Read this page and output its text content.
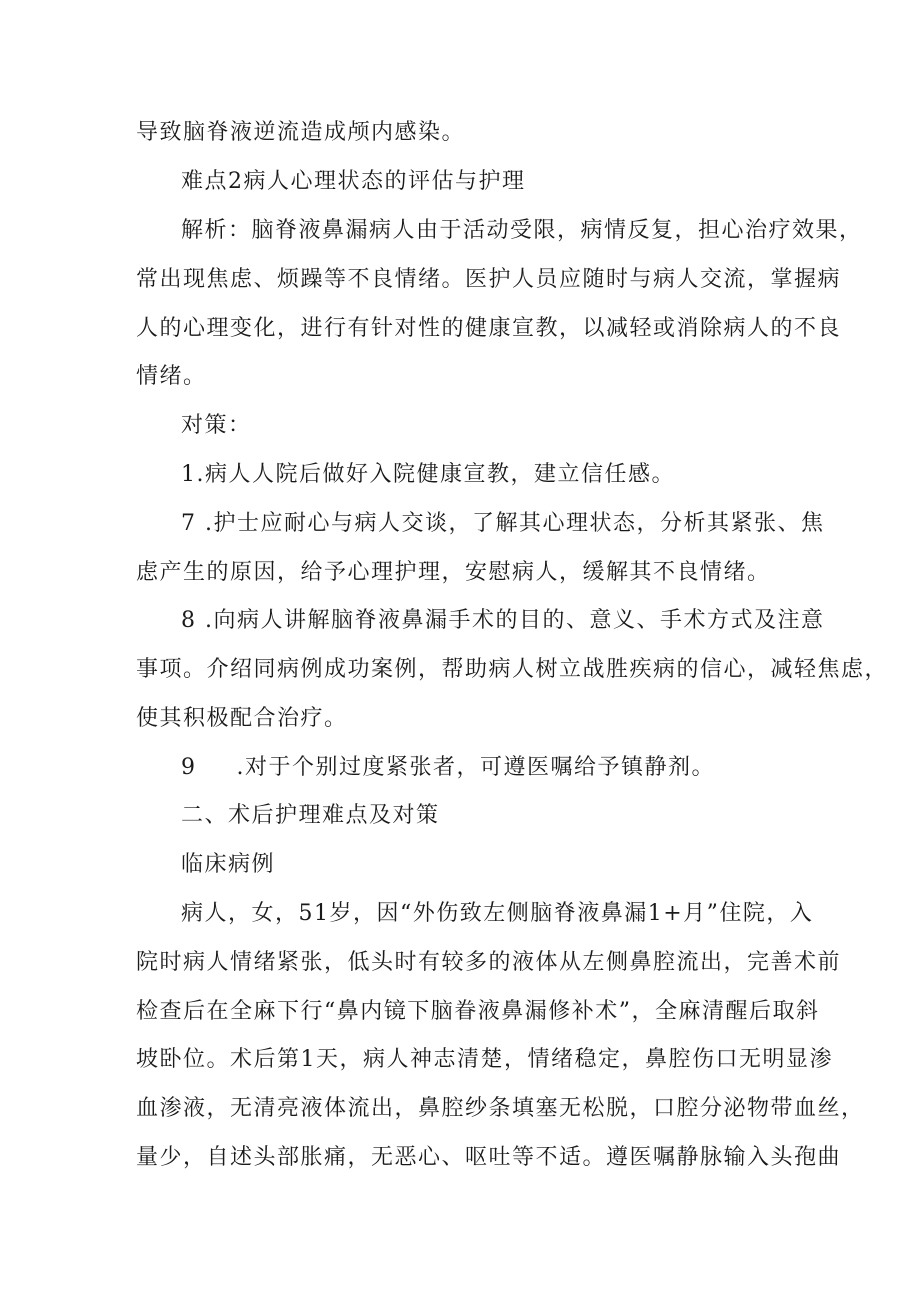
导致脑脊液逆流造成颅内感染。
难点2病人心理状态的评估与护理
解析：脑脊液鼻漏病人由于活动受限，病情反复，担心治疗效果，
常出现焦虑、烦躁等不良情绪。医护人员应随时与病人交流，掌握病
人的心理变化，进行有针对性的健康宣教，以减轻或消除病人的不良
情绪。
对策：
1.病人人院后做好入院健康宣教，建立信任感。
7 .护士应耐心与病人交谈，了解其心理状态，分析其紧张、焦
虑产生的原因，给予心理护理，安慰病人，缓解其不良情绪。
8 .向病人讲解脑脊液鼻漏手术的目的、意义、手术方式及注意
事项。介绍同病例成功案例，帮助病人树立战胜疾病的信心，减轻焦虑，
使其积极配合治疗。
9 .对于个别过度紧张者，可遵医嘱给予镇静剂。
二、术后护理难点及对策
临床病例
病人，女，51岁，因“外伤致左侧脑脊液鼻漏1+月”住院，入
院时病人情绪紧张，低头时有较多的液体从左侧鼻腔流出，完善术前
检查后在全麻下行“鼻内镜下脑眷液鼻漏修补术”，全麻清醒后取斜
坡卧位。术后第1天，病人神志清楚，情绪稳定，鼻腔伤口无明显渗
血渗液，无清亮液体流出，鼻腔纱条填塞无松脱，口腔分泌物带血丝，
量少，自述头部胀痛，无恶心、呕吐等不适。遵医嘱静脉输入头孢曲
